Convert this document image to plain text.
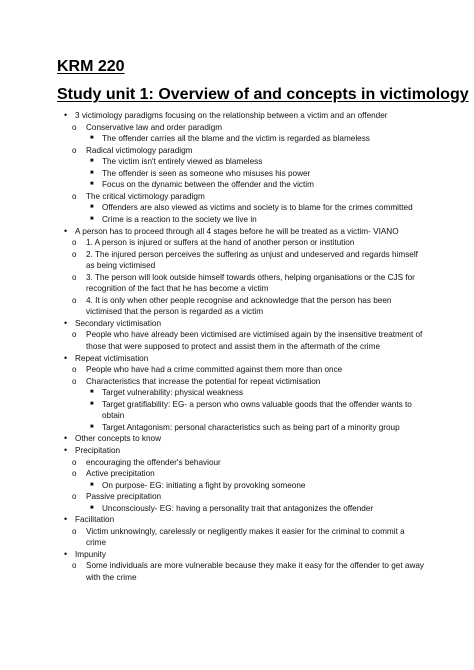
KRM 220
Study unit 1: Overview of and concepts in victimology
• 3 victimology paradigms focusing on the relationship between a victim and an offender
o Conservative law and order paradigm
■ The offender carries all the blame and the victim is regarded as blameless
o Radical victimology paradigm
■ The victim isn't entirely viewed as blameless
■ The offender is seen as someone who misuses his power
■ Focus on the dynamic between the offender and the victim
o The critical victimology paradigm
■ Offenders are also viewed as victims and society is to blame for the crimes committed
■ Crime is a reaction to the society we live in
• A person has to proceed through all 4 stages before he will be treated as a victim- VIANO
o 1. A person is injured or suffers at the hand of another person or institution
o 2. The injured person perceives the suffering as unjust and undeserved and regards himself
as being victimised
o 3. The person will look outside himself towards others, helping organisations or the CJS for
recognition of the fact that he has become a victim
o 4. It is only when other people recognise and acknowledge that the person has been
victimised that the person is regarded as a victim
• Secondary victimisation
o People who have already been victimised are victimised again by the insensitive treatment of
those that were supposed to protect and assist them in the aftermath of the crime
• Repeat victimisation
o People who have had a crime committed against them more than once
o Characteristics that increase the potential for repeat victimisation
■ Target vulnerability: physical weakness
■ Target gratifiability: EG- a person who owns valuable goods that the offender wants to
obtain
■ Target Antagonism: personal characteristics such as being part of a minority group
• Other concepts to know
• Precipitation
o encouraging the offender's behaviour
o Active precipitation
■ On purpose- EG: initiating a fight by provoking someone
o Passive precipitation
■ Unconsciously- EG: having a personality trait that antagonizes the offender
• Facilitation
o Victim unknowingly, carelessly or negligently makes it easier for the criminal to commit a
crime
• Impunity
o Some individuals are more vulnerable because they make it easy for the offender to get away
with the crime
